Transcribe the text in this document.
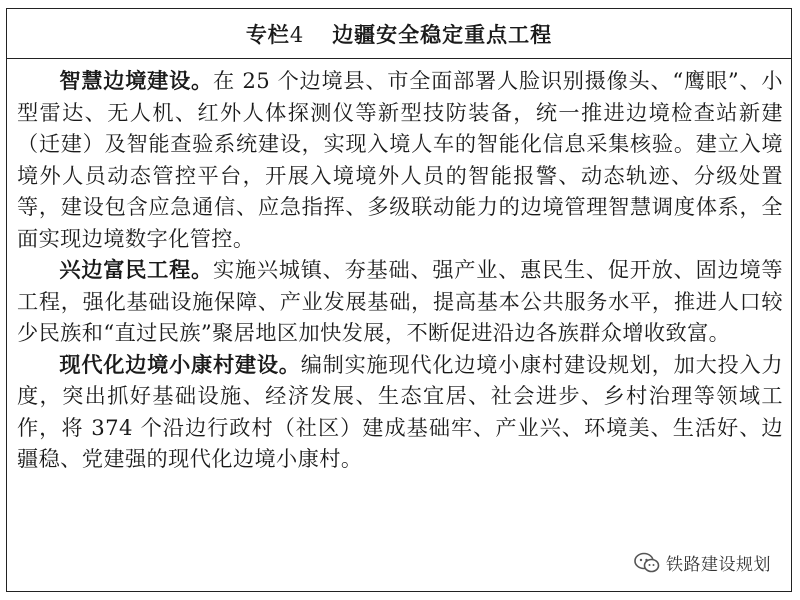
专栏4 边疆安全稳定重点工程

智慧边境建设。在 25 个边境县、市全面部署人脸识别摄像头、“鹰眼”、小型雷达、无人机、红外人体探测仪等新型技防装备，统一推进边境检查站新建（迁建）及智能查验系统建设，实现入境人车的智能化信息采集核验。建立入境境外人员动态管控平台，开展入境境外人员的智能报警、动态轨迹、分级处置等，建设包含应急通信、应急指挥、多级联动能力的边境管理智慧调度体系，全面实现边境数字化管控。

兴边富民工程。实施兴城镇、夯基础、强产业、惠民生、促开放、固边境等工程，强化基础设施保障、产业发展基础，提高基本公共服务水平，推进人口较少民族和“直过民族”聚居地区加快发展，不断促进沿边各族群众增收致富。

现代化边境小康村建设。编制实施现代化边境小康村建设规划，加大投入力度，突出抓好基础设施、经济发展、生态宜居、社会进步、乡村治理等领域工作，将 374 个沿边行政村（社区）建成基础牢、产业兴、环境美、生活好、边疆稳、党建强的现代化边境小康村。

铁路建设规划
